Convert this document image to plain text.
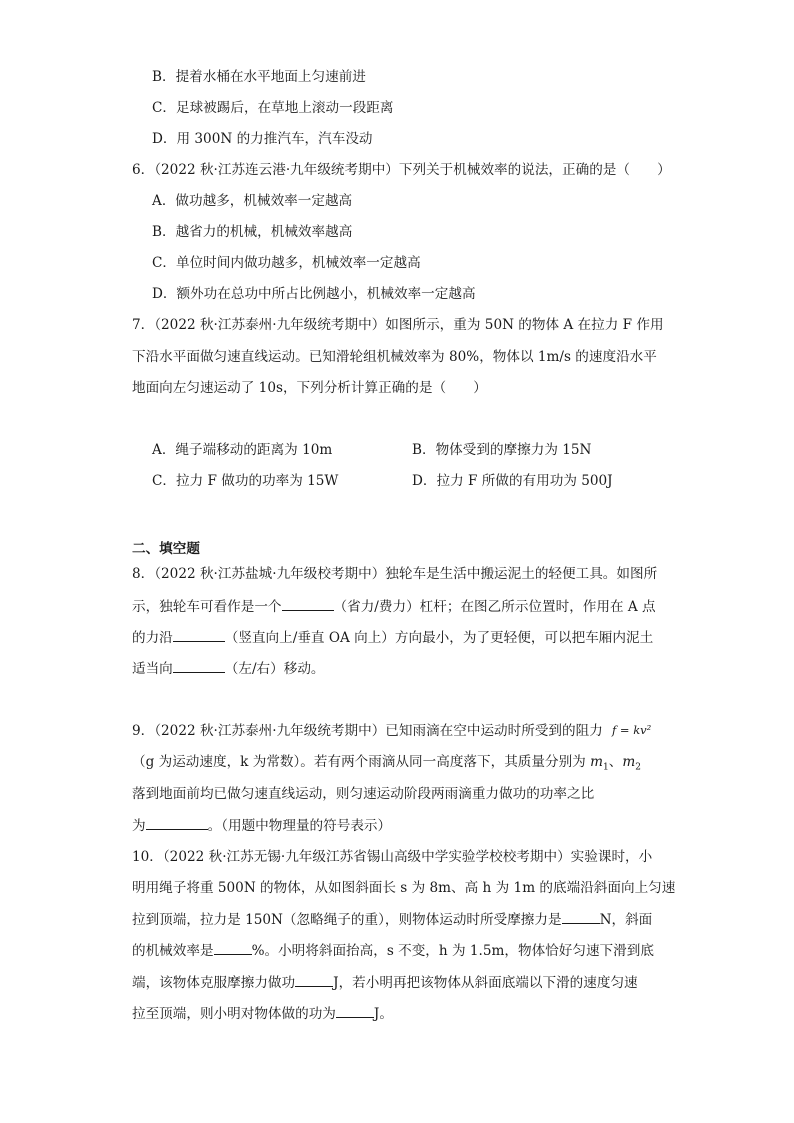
B．提着水桶在水平地面上匀速前进
C．足球被踢后，在草地上滚动一段距离
D．用 300N 的力推汽车，汽车没动
6．（2022 秋·江苏连云港·九年级统考期中）下列关于机械效率的说法，正确的是（　　）
A．做功越多，机械效率一定越高
B．越省力的机械，机械效率越高
C．单位时间内做功越多，机械效率一定越高
D．额外功在总功中所占比例越小，机械效率一定越高
7．（2022 秋·江苏泰州·九年级统考期中）如图所示，重为 50N 的物体 A 在拉力 F 作用
下沿水平面做匀速直线运动。已知滑轮组机械效率为 80%，物体以 1m/s 的速度沿水平
地面向左匀速运动了 10s，下列分析计算正确的是（　　）
A．绳子端移动的距离为 10m	B．物体受到的摩擦力为 15N
C．拉力 F 做功的功率为 15W	D．拉力 F 所做的有用功为 500J
二、填空题
8．（2022 秋·江苏盐城·九年级校考期中）独轮车是生活中搬运泥土的轻便工具。如图所
示，独轮车可看作是一个	（省力/费力）杠杆；在图乙所示位置时，作用在 A 点
的力沿	（竖直向上/垂直 OA 向上）方向最小，为了更轻便，可以把车厢内泥土
适当向	（左/右）移动。
9．（2022 秋·江苏泰州·九年级统考期中）已知雨滴在空中运动时所受到的阻力 f = kv²
（g 为运动速度，k 为常数）。若有两个雨滴从同一高度落下，其质量分别为 $m_1$、$m_2$
落到地面前均已做匀速直线运动，则匀速运动阶段两雨滴重力做功的功率之比
为	。（用题中物理量的符号表示）
10．（2022 秋·江苏无锡·九年级江苏省锡山高级中学实验学校校考期中）实验课时，小
明用绳子将重 500N 的物体，从如图斜面长 s 为 8m、高 h 为 1m 的底端沿斜面向上匀速
拉到顶端，拉力是 150N（忽略绳子的重），则物体运动时所受摩擦力是	N，斜面
的机械效率是	%。小明将斜面抬高，s 不变，h 为 1.5m，物体恰好匀速下滑到底
端，该物体克服摩擦力做功	J，若小明再把该物体从斜面底端以下滑的速度匀速
拉至顶端，则小明对物体做的功为	J。
